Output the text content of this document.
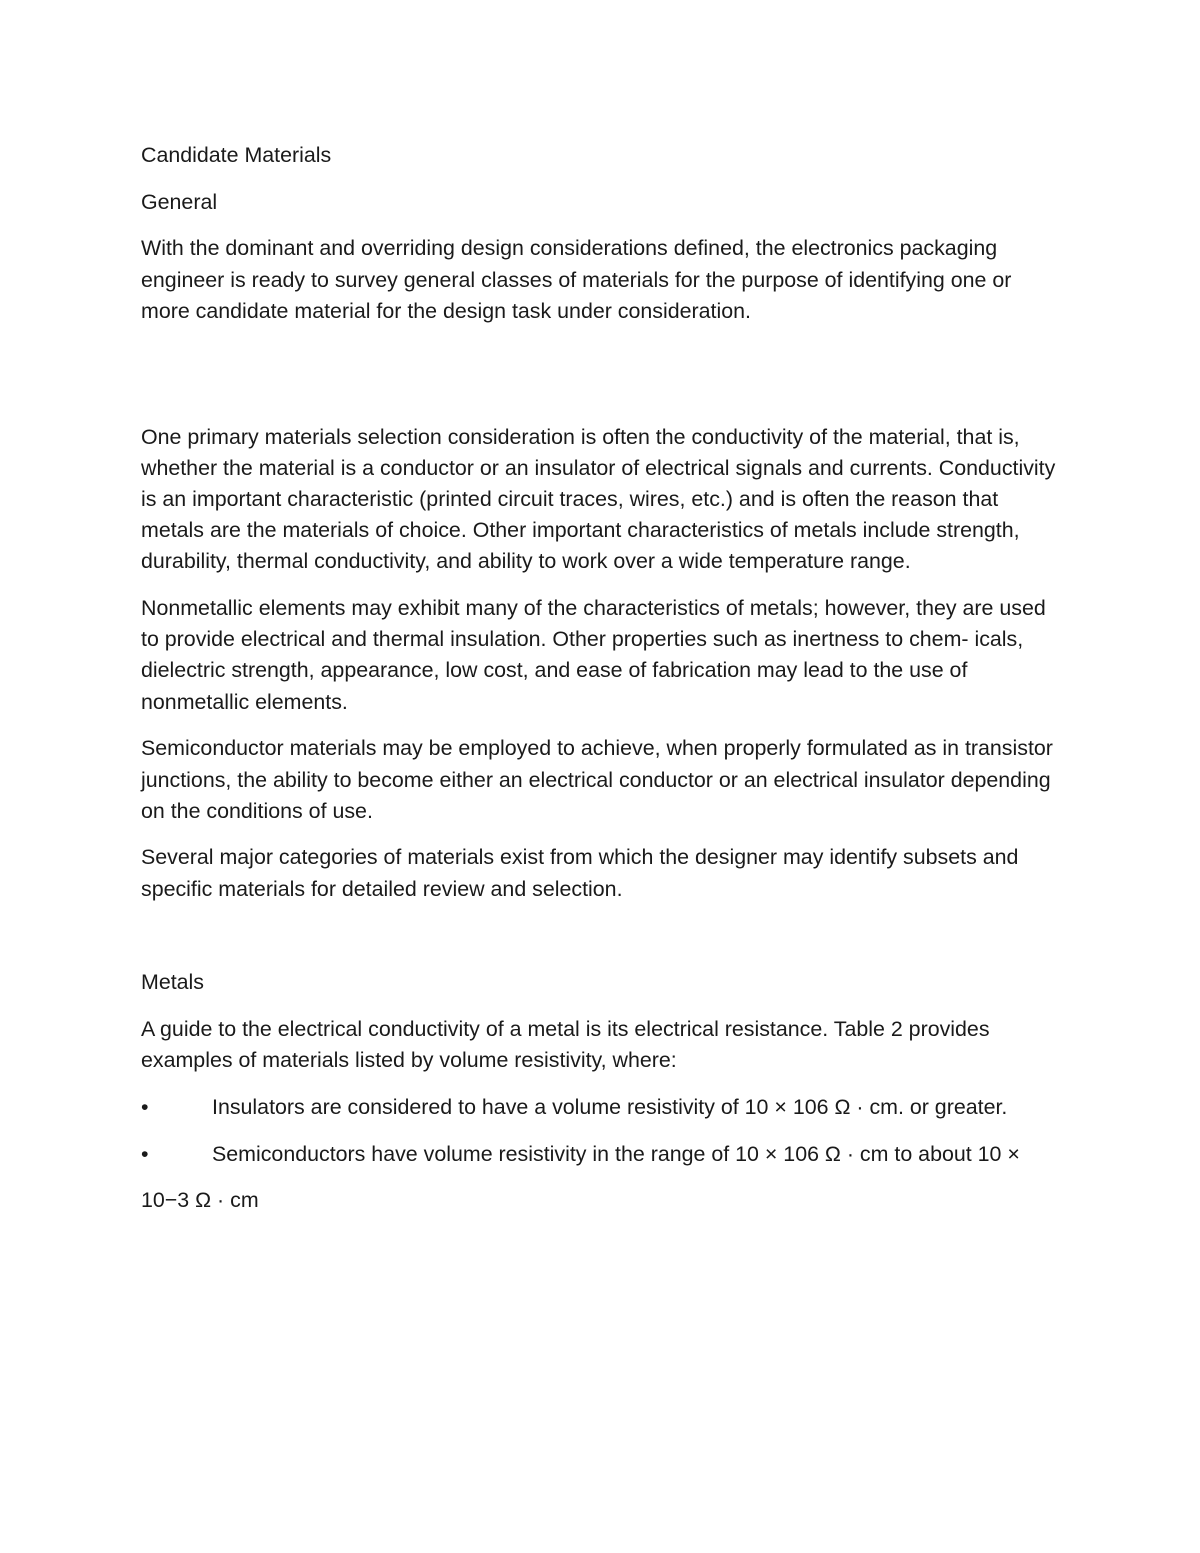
Candidate Materials

General

With the dominant and overriding design considerations defined, the electronics packaging engineer is ready to survey general classes of materials for the purpose of identifying one or more candidate material for the design task under consideration.

One primary materials selection consideration is often the conductivity of the material, that is, whether the material is a conductor or an insulator of electrical signals and currents. Conductivity is an important characteristic (printed circuit traces, wires, etc.) and is often the reason that metals are the materials of choice. Other important characteristics of metals include strength, durability, thermal conductivity, and ability to work over a wide temperature range.

Nonmetallic elements may exhibit many of the characteristics of metals; however, they are used to provide electrical and thermal insulation. Other properties such as inertness to chem- icals, dielectric strength, appearance, low cost, and ease of fabrication may lead to the use of nonmetallic elements.

Semiconductor materials may be employed to achieve, when properly formulated as in transistor junctions, the ability to become either an electrical conductor or an electrical insulator depending on the conditions of use.

Several major categories of materials exist from which the designer may identify subsets and specific materials for detailed review and selection.

Metals

A guide to the electrical conductivity of a metal is its electrical resistance. Table 2 provides examples of materials listed by volume resistivity, where:

•	Insulators are considered to have a volume resistivity of 10 × 106 Ω · cm. or greater.

•	Semiconductors have volume resistivity in the range of 10 × 106 Ω · cm to about 10 ×

10−3 Ω · cm
